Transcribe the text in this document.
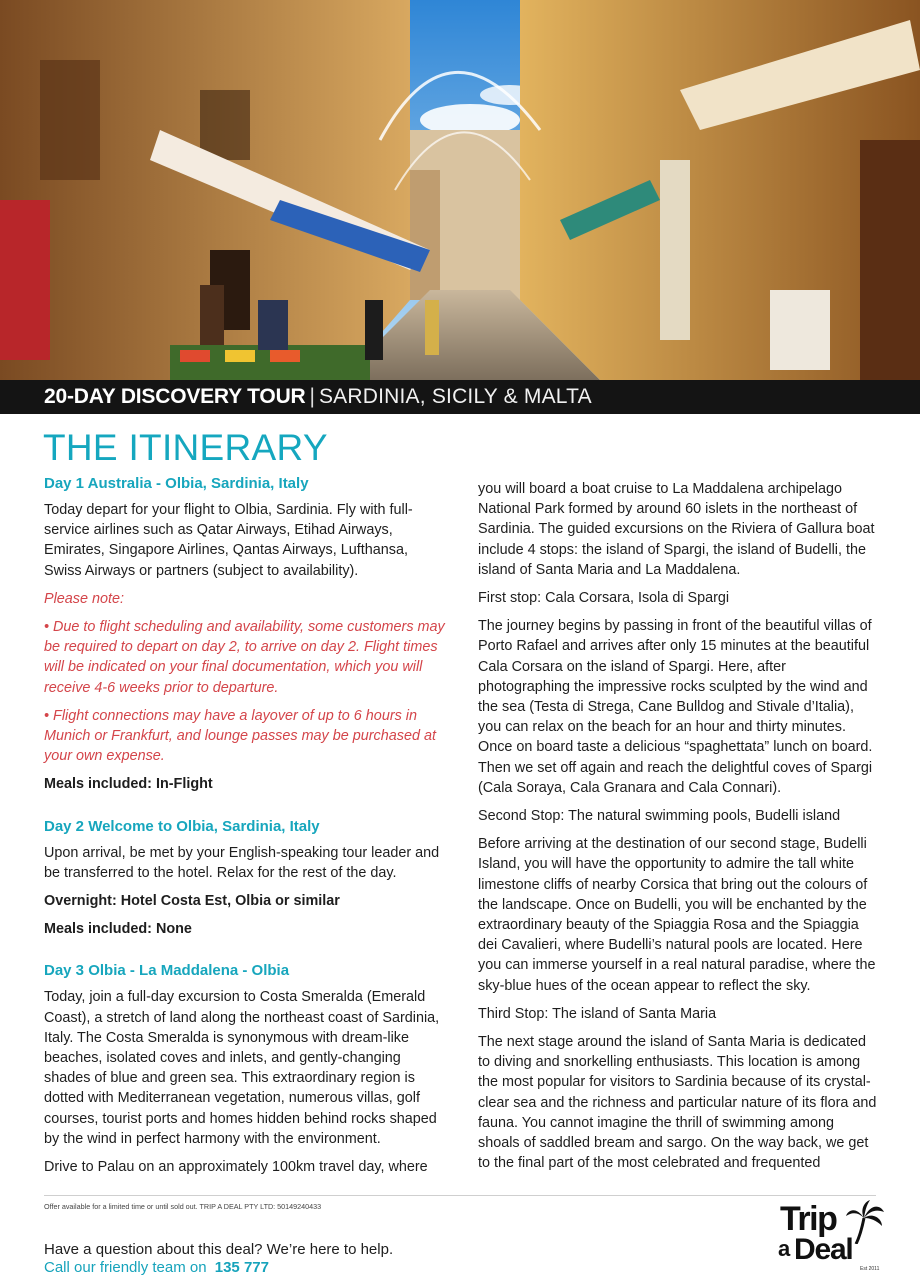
20-DAY DISCOVERY TOUR | SARDINIA, SICILY & MALTA
THE ITINERARY
Day 1 Australia - Olbia, Sardinia, Italy

Today depart for your flight to Olbia, Sardinia. Fly with full-service airlines such as Qatar Airways, Etihad Airways, Emirates, Singapore Airlines, Qantas Airways, Lufthansa, Swiss Airways or partners (subject to availability).

Please note:

• Due to flight scheduling and availability, some customers may be required to depart on day 2, to arrive on day 2. Flight times will be indicated on your final documentation, which you will receive 4-6 weeks prior to departure.

• Flight connections may have a layover of up to 6 hours in Munich or Frankfurt, and lounge passes may be purchased at your own expense.

Meals included: In-Flight

Day 2 Welcome to Olbia, Sardinia, Italy

Upon arrival, be met by your English-speaking tour leader and be transferred to the hotel. Relax for the rest of the day.

Overnight: Hotel Costa Est, Olbia or similar

Meals included: None

Day 3 Olbia - La Maddalena - Olbia

Today, join a full-day excursion to Costa Smeralda (Emerald Coast), a stretch of land along the northeast coast of Sardinia, Italy. The Costa Smeralda is synonymous with dream-like beaches, isolated coves and inlets, and gently-changing shades of blue and green sea. This extraordinary region is dotted with Mediterranean vegetation, numerous villas, golf courses, tourist ports and homes hidden behind rocks shaped by the wind in perfect harmony with the environment.

Drive to Palau on an approximately 100km travel day, where

you will board a boat cruise to La Maddalena archipelago National Park formed by around 60 islets in the northeast of Sardinia. The guided excursions on the Riviera of Gallura boat include 4 stops: the island of Spargi, the island of Budelli, the island of Santa Maria and La Maddalena.

First stop: Cala Corsara, Isola di Spargi

The journey begins by passing in front of the beautiful villas of Porto Rafael and arrives after only 15 minutes at the beautiful Cala Corsara on the island of Spargi. Here, after photographing the impressive rocks sculpted by the wind and the sea (Testa di Strega, Cane Bulldog and Stivale d’Italia), you can relax on the beach for an hour and thirty minutes. Once on board taste a delicious “spaghettata” lunch on board. Then we set off again and reach the delightful coves of Spargi (Cala Soraya, Cala Granara and Cala Connari).

Second Stop: The natural swimming pools, Budelli island

Before arriving at the destination of our second stage, Budelli Island, you will have the opportunity to admire the tall white limestone cliffs of nearby Corsica that bring out the colours of the landscape. Once on Budelli, you will be enchanted by the extraordinary beauty of the Spiaggia Rosa and the Spiaggia dei Cavalieri, where Budelli’s natural pools are located. Here you can immerse yourself in a real natural paradise, where the sky-blue hues of the ocean appear to reflect the sky.

Third Stop: The island of Santa Maria

The next stage around the island of Santa Maria is dedicated to diving and snorkelling enthusiasts. This location is among the most popular for visitors to Sardinia because of its crystal-clear sea and the richness and particular nature of its flora and fauna. You cannot imagine the thrill of swimming among shoals of saddled bream and sargo. On the way back, we get to the final part of the most celebrated and frequented

Offer available for a limited time or until sold out. TRIP A DEAL PTY LTD: 50149240433
Have a question about this deal? We’re here to help.
Call our friendly team on 135 777
Trip
a Deal
Est 2011
